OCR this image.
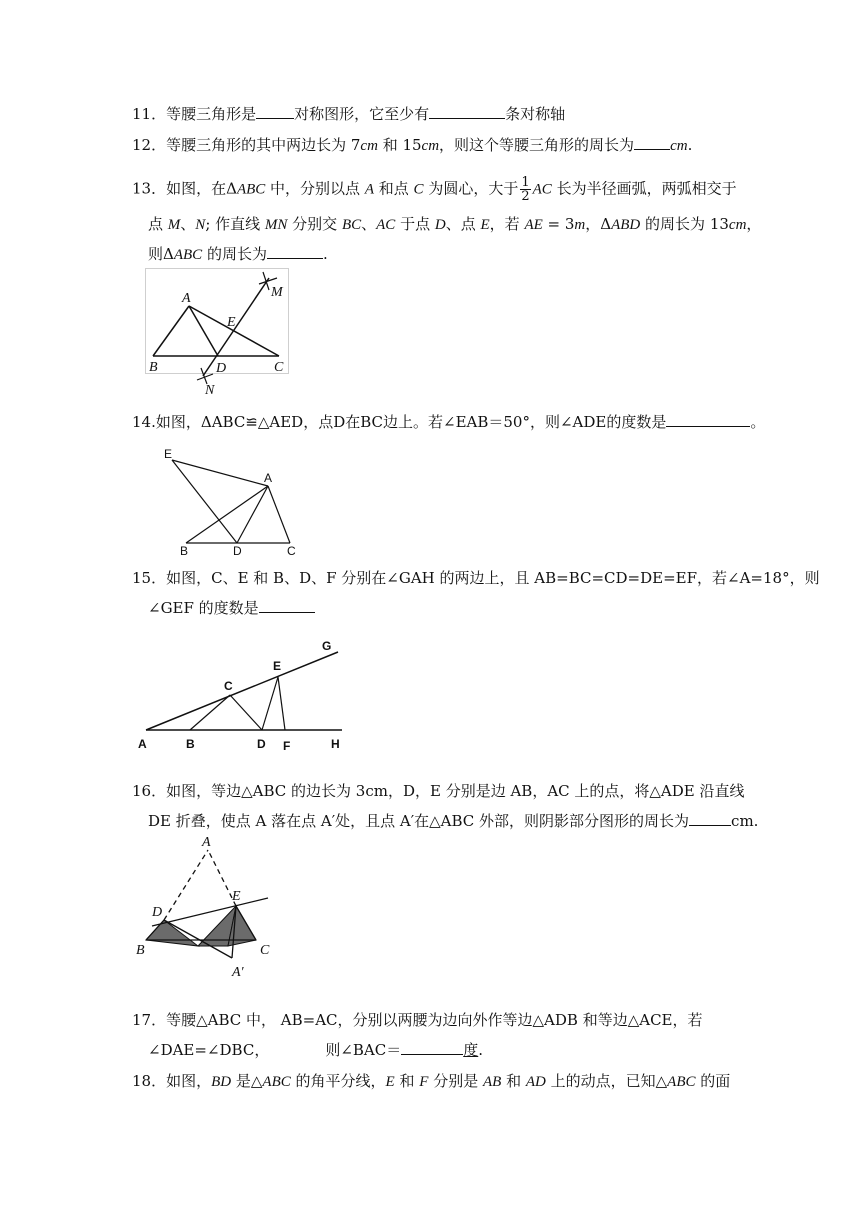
11．等腰三角形是	对称图形，它至少有	条对称轴
12．等腰三角形的其中两边长为 7cm 和 15cm，则这个等腰三角形的周长为 cm.
13．如图，在ΔABC 中，分别以点 A 和点 C 为圆心，大于 $\frac{1}{2}$ AC 长为半径画弧，两弧相交于
点 M、N; 作直线 MN 分别交 BC、AC 于点 D、点 E，若 AE = 3m，ΔABD 的周长为 13cm，
则ΔABC 的周长为	.
A
B	C
D
E
M
N
14.如图，ΔABC≌△AED，点D在BC边上。若∠EAB＝50°，则∠ADE的度数是	。
E
A
B	D	C
15．如图，C、E 和 B、D、F 分别在∠GAH 的两边上，且 AB=BC=CD=DE=EF，若∠A=18°，则
∠GEF 的度数是
A	B
C
D
E
F
G
H
16．如图，等边△ABC 的边长为 3cm，D，E 分别是边 AB，AC 上的点，将△ADE 沿直线
DE 折叠，使点 A 落在点 A′处，且点 A′在△ABC 外部，则阴影部分图形的周长为	cm.
A
D
E
B	C
A′
17．等腰△ABC 中， AB=AC，分别以两腰为边向外作等边△ADB 和等边△ACE，若
∠DAE=∠DBC，	则∠BAC＝	度.
18．如图，BD 是△ABC 的角平分线，E 和 F 分别是 AB 和 AD 上的动点，已知△ABC 的面
